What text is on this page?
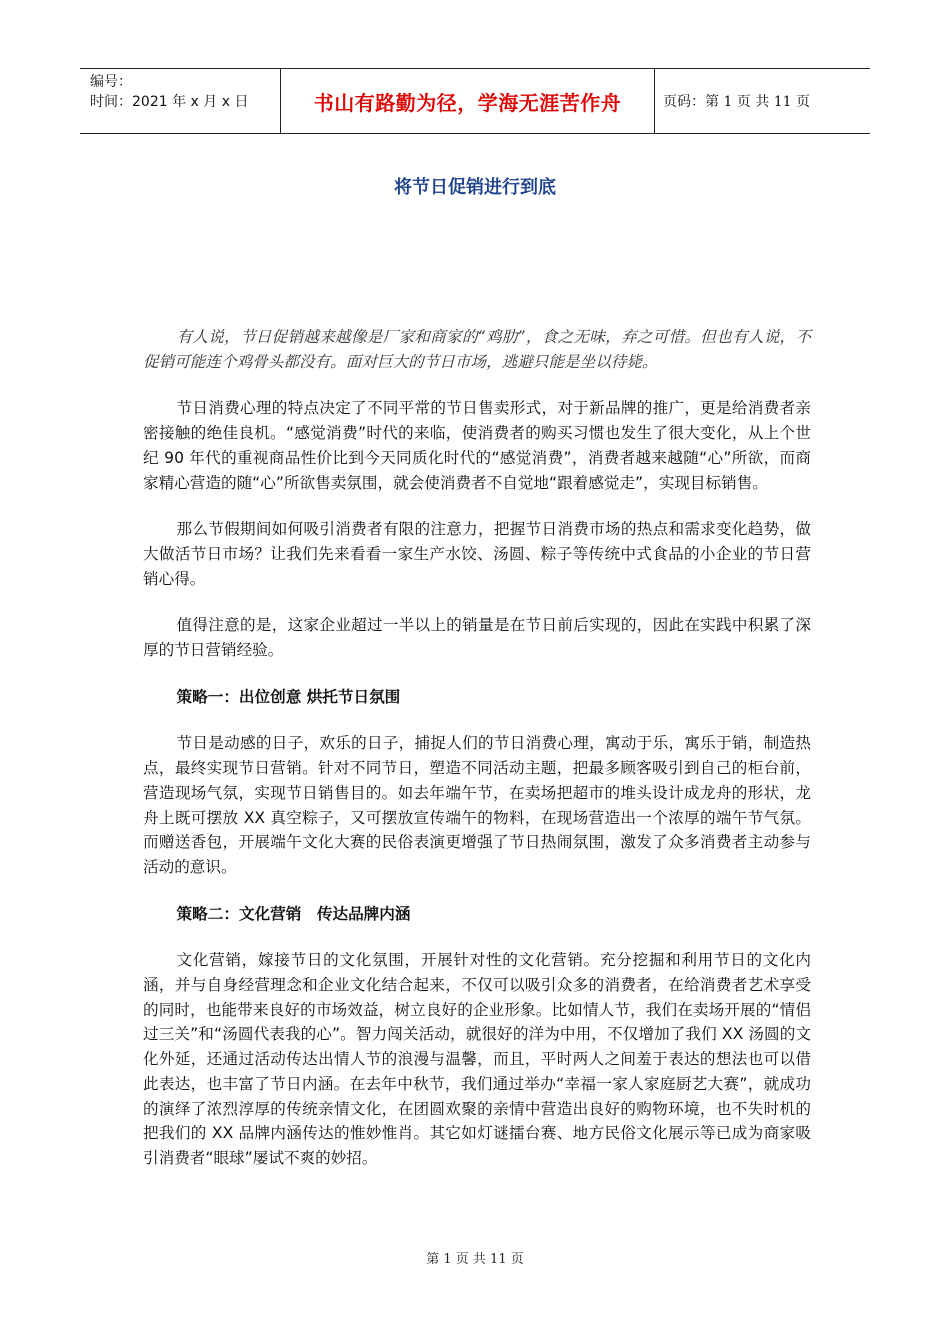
编号：
时间：2021 年 x 月 x 日	书山有路勤为径，学海无涯苦作舟	页码：第 1 页 共 11 页
将节日促销进行到底

有人说，节日促销越来越像是厂家和商家的“鸡肋”，食之无味，弃之可惜。但也有人说，不促销可能连个鸡骨头都没有。面对巨大的节日市场，逃避只能是坐以待毙。

节日消费心理的特点决定了不同平常的节日售卖形式，对于新品牌的推广，更是给消费者亲密接触的绝佳良机。“感觉消费”时代的来临，使消费者的购买习惯也发生了很大变化，从上个世纪 90 年代的重视商品性价比到今天同质化时代的“感觉消费”，消费者越来越随“心”所欲，而商家精心营造的随“心”所欲售卖氛围，就会使消费者不自觉地“跟着感觉走”，实现目标销售。

那么节假期间如何吸引消费者有限的注意力，把握节日消费市场的热点和需求变化趋势，做大做活节日市场？让我们先来看看一家生产水饺、汤圆、粽子等传统中式食品的小企业的节日营销心得。

值得注意的是，这家企业超过一半以上的销量是在节日前后实现的，因此在实践中积累了深厚的节日营销经验。

策略一：出位创意 烘托节日氛围

节日是动感的日子，欢乐的日子，捕捉人们的节日消费心理，寓动于乐，寓乐于销，制造热点，最终实现节日营销。针对不同节日，塑造不同活动主题，把最多顾客吸引到自己的柜台前，营造现场气氛，实现节日销售目的。如去年端午节，在卖场把超市的堆头设计成龙舟的形状，龙舟上既可摆放 XX 真空粽子，又可摆放宣传端午的物料，在现场营造出一个浓厚的端午节气氛。而赠送香包，开展端午文化大赛的民俗表演更增强了节日热闹氛围，激发了众多消费者主动参与活动的意识。

策略二：文化营销　传达品牌内涵

文化营销，嫁接节日的文化氛围，开展针对性的文化营销。充分挖掘和利用节日的文化内涵，并与自身经营理念和企业文化结合起来，不仅可以吸引众多的消费者，在给消费者艺术享受的同时，也能带来良好的市场效益，树立良好的企业形象。比如情人节，我们在卖场开展的“情侣过三关”和“汤圆代表我的心”。智力闯关活动，就很好的洋为中用，不仅增加了我们 XX 汤圆的文化外延，还通过活动传达出情人节的浪漫与温馨，而且，平时两人之间羞于表达的想法也可以借此表达，也丰富了节日内涵。在去年中秋节，我们通过举办“幸福一家人家庭厨艺大赛”，就成功的演绎了浓烈淳厚的传统亲情文化，在团圆欢聚的亲情中营造出良好的购物环境，也不失时机的把我们的 XX 品牌内涵传达的惟妙惟肖。其它如灯谜擂台赛、地方民俗文化展示等已成为商家吸引消费者“眼球”屡试不爽的妙招。

第 1 页 共 11 页
